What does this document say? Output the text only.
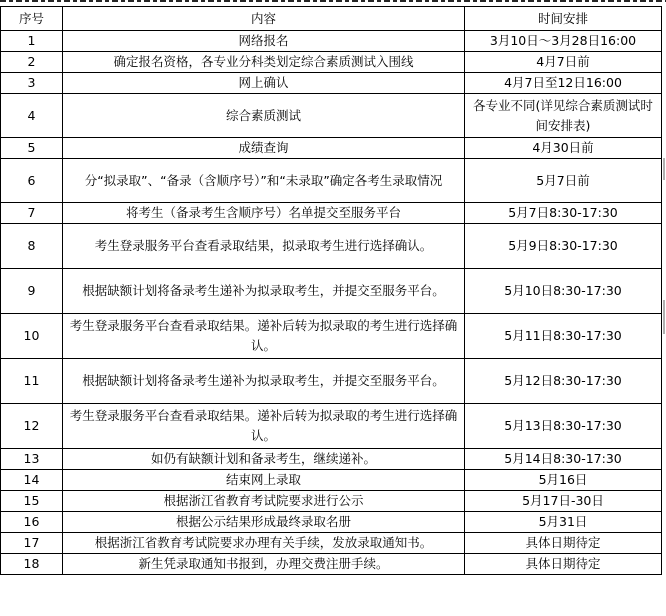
序号	内容	时间安排
1	网络报名	3月10日～3月28日16:00
2	确定报名资格，各专业分科类划定综合素质测试入围线	4月7日前
3	网上确认	4月7日至12日16:00
4	综合素质测试	各专业不同(详见综合素质测试时间安排表)
5	成绩查询	4月30日前
6	分“拟录取”、“备录（含顺序号）”和“未录取”确定各考生录取情况	5月7日前
7	将考生（备录考生含顺序号）名单提交至服务平台	5月7日8:30-17:30
8	考生登录服务平台查看录取结果，拟录取考生进行选择确认。	5月9日8:30-17:30
9	根据缺额计划将备录考生递补为拟录取考生，并提交至服务平台。	5月10日8:30-17:30
10	考生登录服务平台查看录取结果。递补后转为拟录取的考生进行选择确认。	5月11日8:30-17:30
11	根据缺额计划将备录考生递补为拟录取考生，并提交至服务平台。	5月12日8:30-17:30
12	考生登录服务平台查看录取结果。递补后转为拟录取的考生进行选择确认。	5月13日8:30-17:30
13	如仍有缺额计划和备录考生，继续递补。	5月14日8:30-17:30
14	结束网上录取	5月16日
15	根据浙江省教育考试院要求进行公示	5月17日-30日
16	根据公示结果形成最终录取名册	5月31日
17	根据浙江省教育考试院要求办理有关手续，发放录取通知书。	具体日期待定
18	新生凭录取通知书报到，办理交费注册手续。	具体日期待定
